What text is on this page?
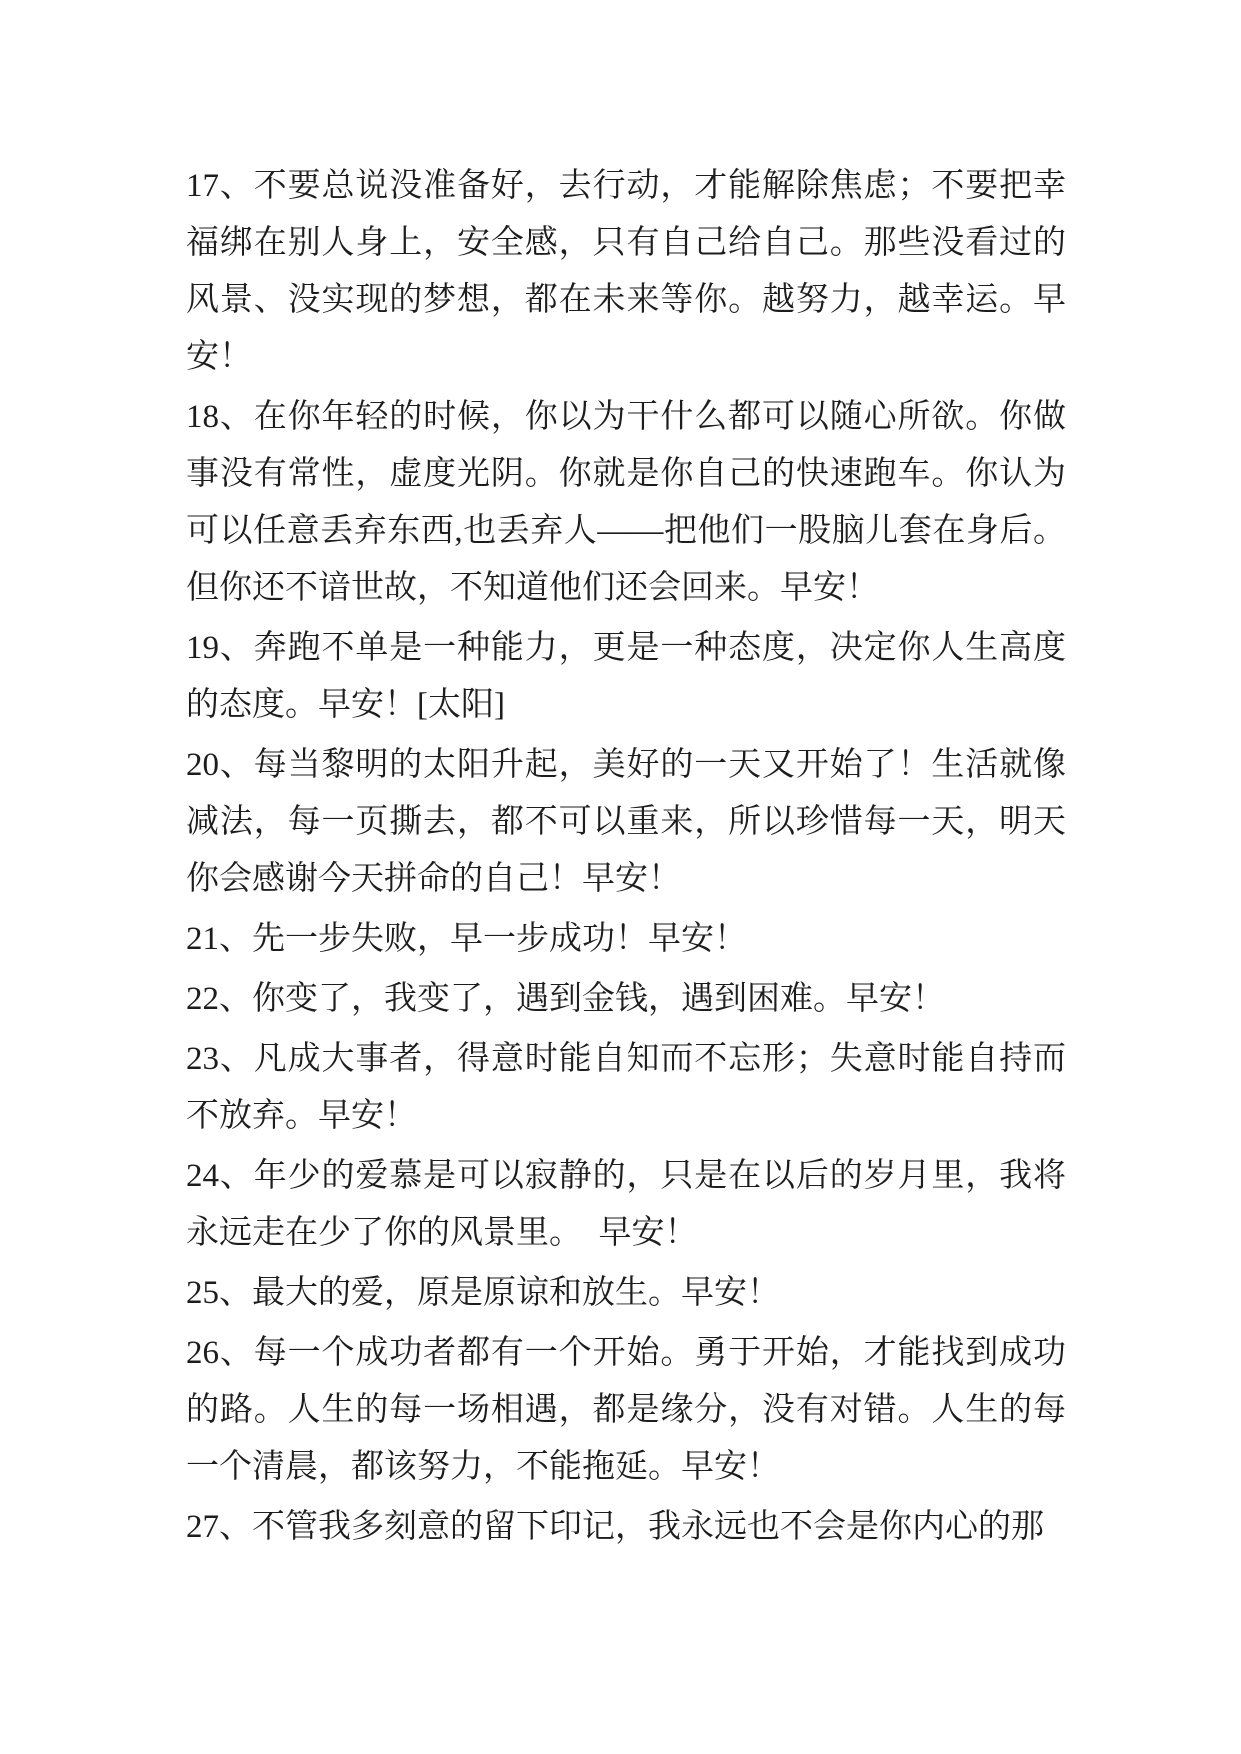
17、不要总说没准备好，去行动，才能解除焦虑；不要把幸福绑在别人身上，安全感，只有自己给自己。那些没看过的风景、没实现的梦想，都在未来等你。越努力，越幸运。早安！

18、在你年轻的时候，你以为干什么都可以随心所欲。你做事没有常性，虚度光阴。你就是你自己的快速跑车。你认为可以任意丢弃东西,也丢弃人——把他们一股脑儿套在身后。但你还不谙世故，不知道他们还会回来。早安！

19、奔跑不单是一种能力，更是一种态度，决定你人生高度的态度。早安！[太阳]

20、每当黎明的太阳升起，美好的一天又开始了！生活就像减法，每一页撕去，都不可以重来，所以珍惜每一天，明天你会感谢今天拼命的自己！早安！

21、先一步失败，早一步成功！早安！

22、你变了，我变了，遇到金钱，遇到困难。早安！

23、凡成大事者，得意时能自知而不忘形；失意时能自持而不放弃。早安！

24、年少的爱慕是可以寂静的，只是在以后的岁月里，我将永远走在少了你的风景里。　早安！

25、最大的爱，原是原谅和放生。早安！

26、每一个成功者都有一个开始。勇于开始，才能找到成功的路。人生的每一场相遇，都是缘分，没有对错。人生的每一个清晨，都该努力，不能拖延。早安！

27、不管我多刻意的留下印记，我永远也不会是你内心的那
